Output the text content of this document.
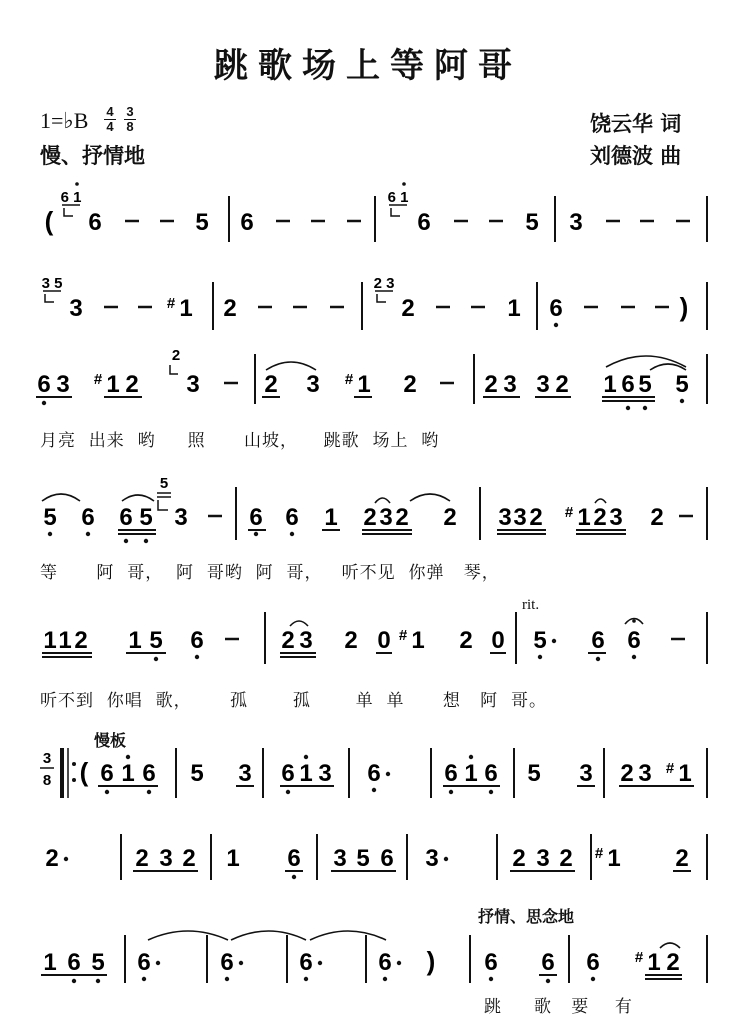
跳歌场上等阿哥
1=♭B 4
4
3
8
慢、抒情地
饶云华 词
刘德波 曲
慢板
抒情、思念地
rit.
月亮  出来  哟     照      山坡，    跳歌  场上  哟
等      阿  哥，  阿  哥哟  阿  哥，   听不见  你弹   琴，
听不到  你唱  歌，      孤       孤       单  单      想   阿  哥。
跳     歌   要    有
(
6 1
6	5 6
6 1
6	5 3
3 5
3	1
# 2
2 3
2	1 6	)
6 3 1
# 2
2
3	2 3 1
# 2	2 3 3 2 1 6 5 5
5 6 6 5
5
3	6 6 1 2 3 2 2 3 3 2 1
# 2 3 2
1 1 2 1 5 6	2 3 2 0 1
# 2 0 5 6 6
3
8 ( 6 1 6 5 3 6 1 3 6	6 1 6 5 3 2 3 1
#
2	2 3 2 1 6 3 5 6 3	2 3 2 1
#	2
1 6 5 6	6	6	6 ) 6 6 6 1
# 2
